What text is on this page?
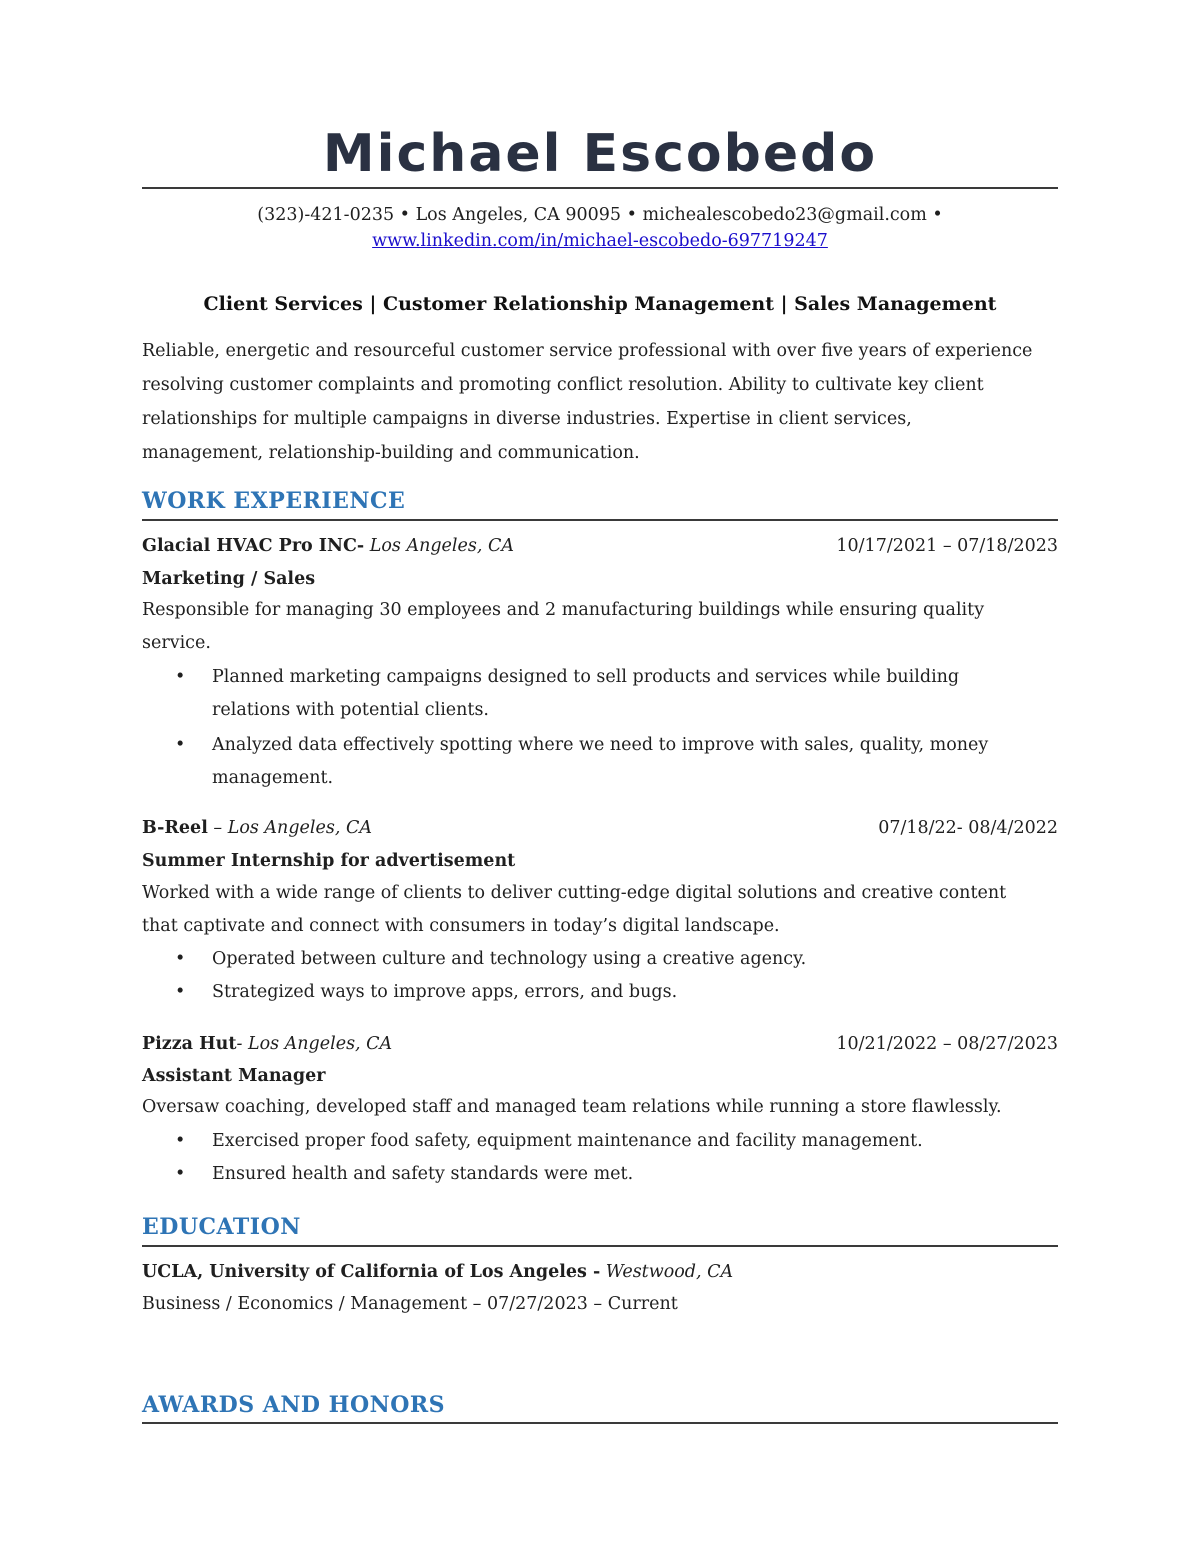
Michael Escobedo
(323)-421-0235 • Los Angeles, CA 90095 • michealescobedo23@gmail.com •
www.linkedin.com/in/michael-escobedo-697719247
Client Services | Customer Relationship Management | Sales Management
Reliable, energetic and resourceful customer service professional with over five years of experience
resolving customer complaints and promoting conflict resolution. Ability to cultivate key client
relationships for multiple campaigns in diverse industries. Expertise in client services,
management, relationship-building and communication.
WORK EXPERIENCE
Glacial HVAC Pro INC- Los Angeles, CA	10/17/2021 – 07/18/2023
Marketing / Sales
Responsible for managing 30 employees and 2 manufacturing buildings while ensuring quality
service.
• Planned marketing campaigns designed to sell products and services while building
relations with potential clients.
• Analyzed data effectively spotting where we need to improve with sales, quality, money
management.
B-Reel – Los Angeles, CA	07/18/22- 08/4/2022
Summer Internship for advertisement
Worked with a wide range of clients to deliver cutting-edge digital solutions and creative content
that captivate and connect with consumers in today’s digital landscape.
• Operated between culture and technology using a creative agency.
• Strategized ways to improve apps, errors, and bugs.
Pizza Hut- Los Angeles, CA	10/21/2022 – 08/27/2023
Assistant Manager
Oversaw coaching, developed staff and managed team relations while running a store flawlessly.
• Exercised proper food safety, equipment maintenance and facility management.
• Ensured health and safety standards were met.
EDUCATION
UCLA, University of California of Los Angeles - Westwood, CA
Business / Economics / Management – 07/27/2023 – Current
AWARDS AND HONORS
